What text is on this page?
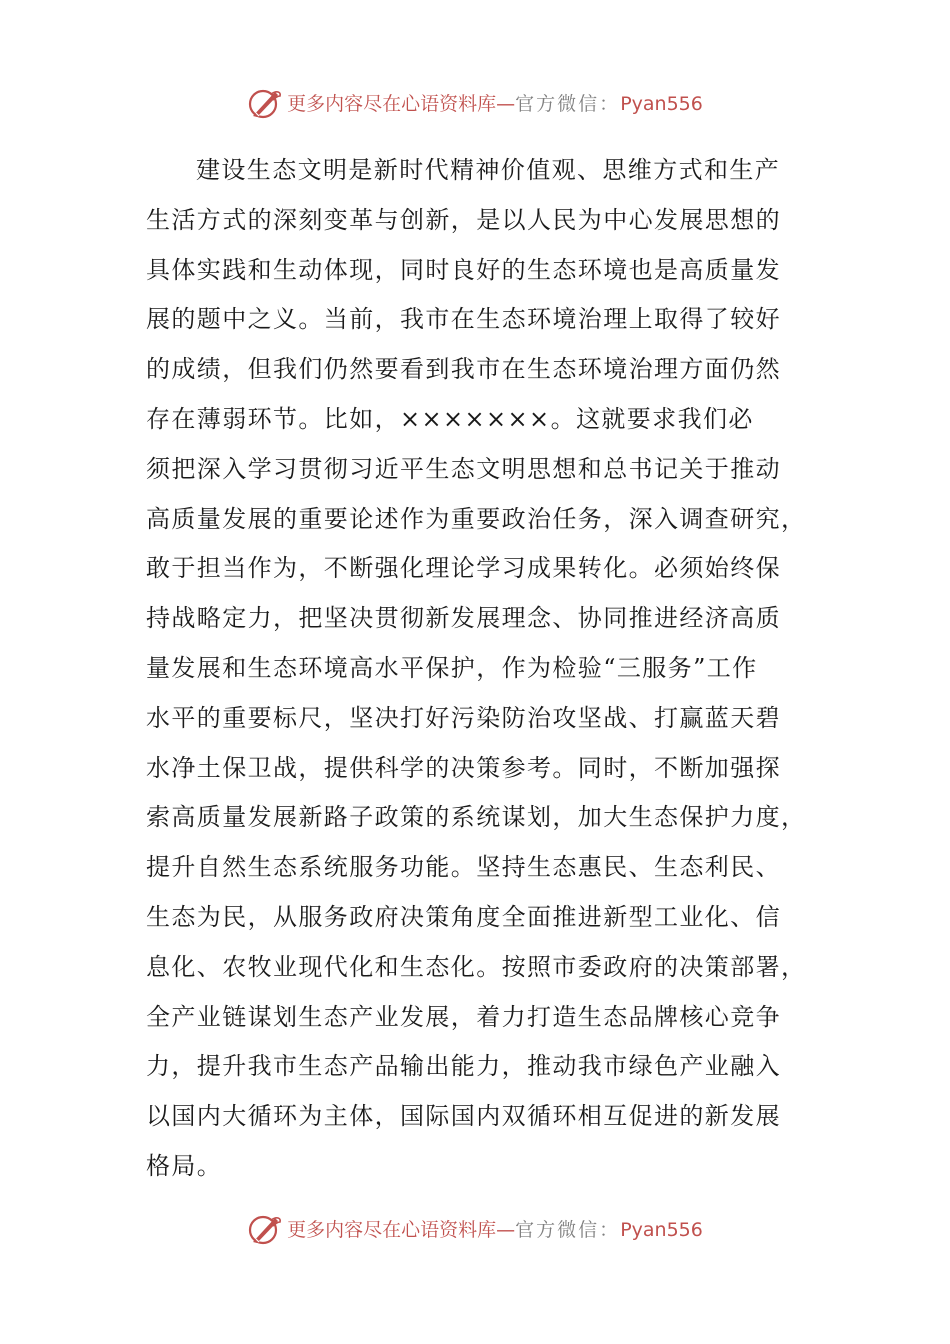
更多内容尽在心语资料库—官方微信：Pyan556
建设生态文明是新时代精神价值观、思维方式和生产
生活方式的深刻变革与创新，是以人民为中心发展思想的
具体实践和生动体现，同时良好的生态环境也是高质量发
展的题中之义。当前，我市在生态环境治理上取得了较好
的成绩，但我们仍然要看到我市在生态环境治理方面仍然
存在薄弱环节。比如，×××××××。这就要求我们必
须把深入学习贯彻习近平生态文明思想和总书记关于推动
高质量发展的重要论述作为重要政治任务，深入调查研究，
敢于担当作为，不断强化理论学习成果转化。必须始终保
持战略定力，把坚决贯彻新发展理念、协同推进经济高质
量发展和生态环境高水平保护，作为检验“三服务”工作
水平的重要标尺，坚决打好污染防治攻坚战、打赢蓝天碧
水净土保卫战，提供科学的决策参考。同时，不断加强探
索高质量发展新路子政策的系统谋划，加大生态保护力度，
提升自然生态系统服务功能。坚持生态惠民、生态利民、
生态为民，从服务政府决策角度全面推进新型工业化、信
息化、农牧业现代化和生态化。按照市委政府的决策部署，
全产业链谋划生态产业发展，着力打造生态品牌核心竞争
力，提升我市生态产品输出能力，推动我市绿色产业融入
以国内大循环为主体，国际国内双循环相互促进的新发展
格局。
更多内容尽在心语资料库—官方微信：Pyan556
